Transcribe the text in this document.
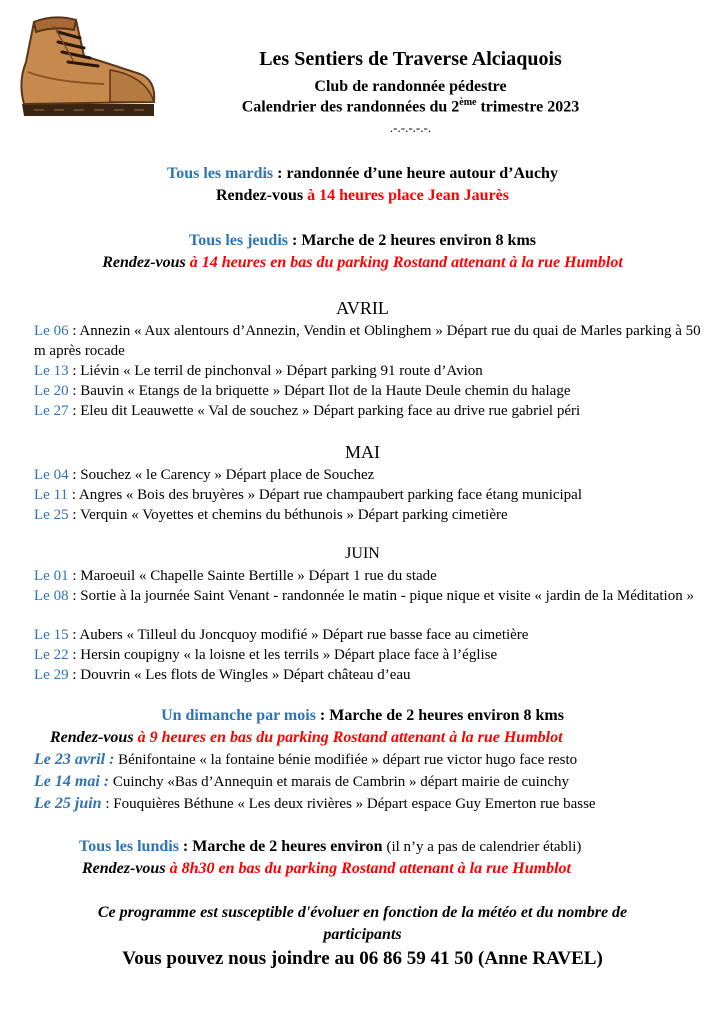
Les Sentiers de Traverse Alciaquois
Club de randonnée pédestre
Calendrier des randonnées du 2ème trimestre 2023
.-.-.-.-.-.
Tous les mardis : randonnée d’une heure autour d’Auchy
Rendez-vous à 14 heures place Jean Jaurès
Tous les jeudis : Marche de 2 heures environ 8 kms
Rendez-vous à 14 heures en bas du parking Rostand attenant à la rue Humblot
AVRIL
Le 06 : Annezin « Aux alentours d’Annezin, Vendin et Oblinghem » Départ rue du quai de Marles parking à 50 m après rocade
Le 13 : Liévin « Le terril de pinchonval » Départ parking 91 route d’Avion
Le 20 : Bauvin « Etangs de la briquette » Départ Ilot de la Haute Deule chemin du halage
Le 27 : Eleu dit Leauwette « Val de souchez » Départ parking face au drive rue gabriel péri
MAI
Le 04 : Souchez « le Carency » Départ place de Souchez
Le 11 : Angres « Bois des bruyères » Départ rue champaubert parking face étang municipal
Le 25 : Verquin « Voyettes et chemins du béthunois » Départ parking cimetière
JUIN
Le 01 : Maroeuil « Chapelle Sainte Bertille » Départ 1 rue du stade
Le 08 : Sortie à la journée Saint Venant - randonnée le matin - pique nique et visite « jardin de la Méditation »
Le 15 : Aubers « Tilleul du Joncquoy modifié » Départ rue basse face au cimetière
Le 22 : Hersin coupigny « la loisne et les terrils » Départ place face à l’église
Le 29 : Douvrin « Les flots de Wingles » Départ château d’eau
Un dimanche par mois : Marche de 2 heures environ 8 kms
Rendez-vous à 9 heures en bas du parking Rostand attenant à la rue Humblot
Le 23 avril : Bénifontaine « la fontaine bénie modifiée » départ rue victor hugo face resto
Le 14 mai : Cuinchy «Bas d’Annequin et marais de Cambrin » départ mairie de cuinchy
Le 25 juin : Fouquières Béthune « Les deux rivières » Départ espace Guy Emerton rue basse
Tous les lundis : Marche de 2 heures environ (il n’y a pas de calendrier établi)
Rendez-vous à 8h30 en bas du parking Rostand attenant à la rue Humblot
Ce programme est susceptible d'évoluer en fonction de la météo et du nombre de
participants
Vous pouvez nous joindre au 06 86 59 41 50 (Anne RAVEL)
